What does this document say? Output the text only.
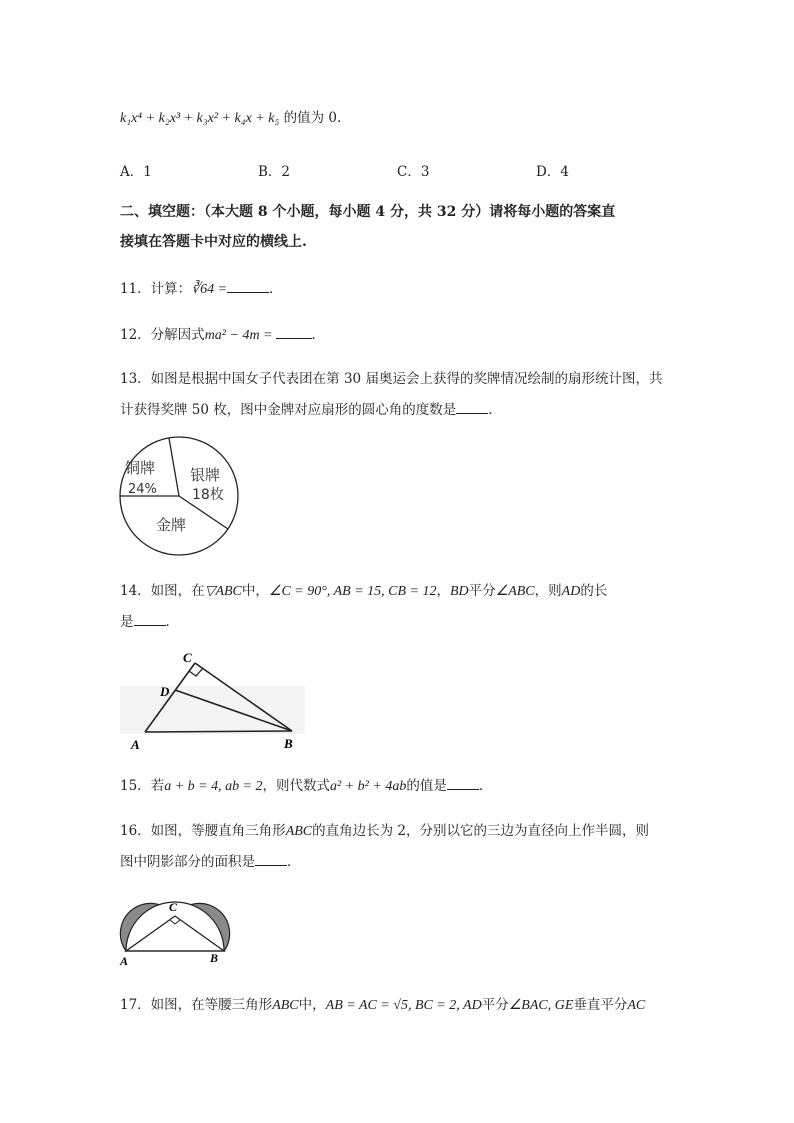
k₁x⁴ + k₂x³ + k₃x² + k₄x + k₅ 的值为 0.
A．1	B．2	C．3	D．4
二、填空题：（本大题 8 个小题，每小题 4 分，共 32 分）请将每小题的答案直
接填在答题卡中对应的横线上.
11．计算：∛64 =	．
12．分解因式ma² − 4m =	．
13．如图是根据中国女子代表团在第 30 届奥运会上获得的奖牌情况绘制的扇形统计图，共
计获得奖牌 50 枚，图中金牌对应扇形的圆心角的度数是 ．
铜牌
24%
银牌
18枚
金牌
14．如图，在▽ABC中，∠C = 90°, AB = 15, CB = 12，BD平分∠ABC，则AD的长
是 ．
C
D
A	B
15．若a + b = 4, ab = 2，则代数式a² + b² + 4ab的值是 ．
16．如图，等腰直角三角形ABC的直角边长为 2，分别以它的三边为直径向上作半圆，则
图中阴影部分的面积是 ．
C
A	B
17．如图，在等腰三角形ABC中，AB = AC = √5, BC = 2, AD平分∠BAC, GE垂直平分AC
